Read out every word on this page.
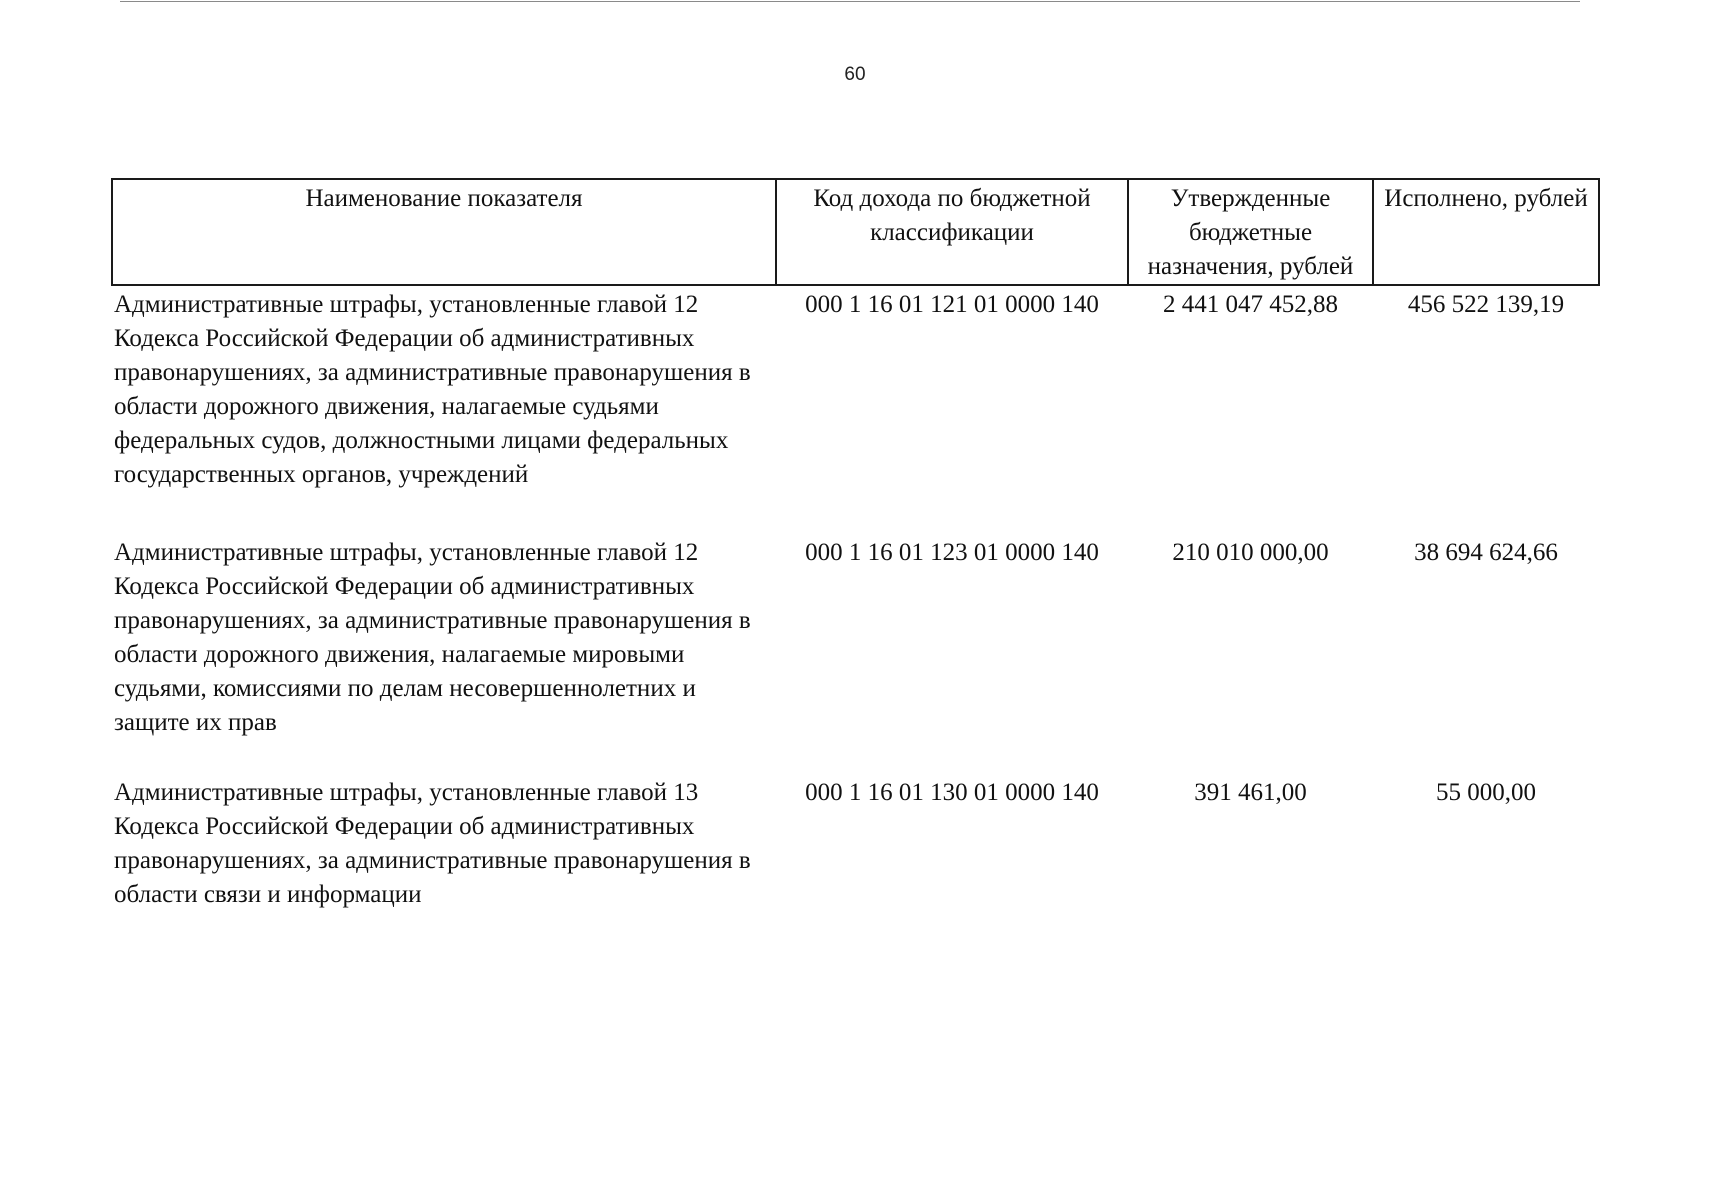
60
Наименование показателя	Код дохода по бюджетной классификации	Утвержденные бюджетные назначения, рублей	Исполнено, рублей
Административные штрафы, установленные главой 12 Кодекса Российской Федерации об административных правонарушениях, за административные правонарушения в области дорожного движения, налагаемые судьями федеральных судов, должностными лицами федеральных государственных органов, учреждений	000 1 16 01 121 01 0000 140	2 441 047 452,88	456 522 139,19
Административные штрафы, установленные главой 12 Кодекса Российской Федерации об административных правонарушениях, за административные правонарушения в области дорожного движения, налагаемые мировыми судьями, комиссиями по делам несовершеннолетних и защите их прав	000 1 16 01 123 01 0000 140	210 010 000,00	38 694 624,66
Административные штрафы, установленные главой 13 Кодекса Российской Федерации об административных правонарушениях, за административные правонарушения в области связи и информации	000 1 16 01 130 01 0000 140	391 461,00	55 000,00
